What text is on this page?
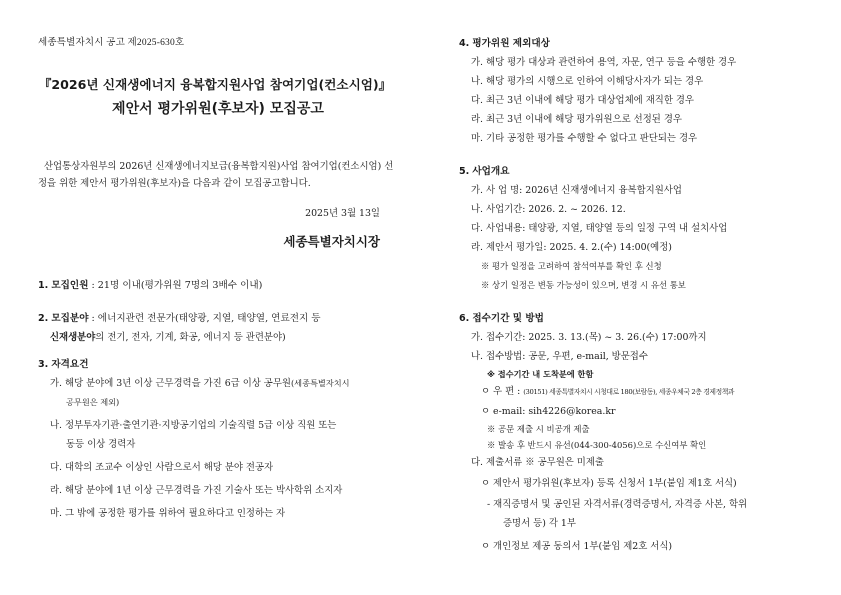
세종특별자치시 공고 제2025-630호
『2026년 신재생에너지 융복합지원사업 참여기업(컨소시엄)』
제안서 평가위원(후보자) 모집공고
산업통상자원부의 2026년 신재생에너지보급(융복합지원)사업 참여기업(컨소시엄) 선정을 위한 제안서 평가위원(후보자)을 다음과 같이 모집공고합니다.
2025년 3월 13일
세종특별자치시장
1. 모집인원 : 21명 이내(평가위원 7명의 3배수 이내)
2. 모집분야 : 에너지관련 전문가(태양광, 지열, 태양열, 연료전지 등
신재생분야의 전기, 전자, 기계, 화공, 에너지 등 관련분야)
3. 자격요건
가. 해당 분야에 3년 이상 근무경력을 가진 6급 이상 공무원(세종특별자치시
공무원은 제외)
나. 정부투자기관·출연기관·지방공기업의 기술직렬 5급 이상 직원 또는
동등 이상 경력자
다. 대학의 조교수 이상인 사람으로서 해당 분야 전공자
라. 해당 분야에 1년 이상 근무경력을 가진 기술사 또는 박사학위 소지자
마. 그 밖에 공정한 평가를 위하여 필요하다고 인정하는 자
4. 평가위원 제외대상
가. 해당 평가 대상과 관련하여 용역, 자문, 연구 등을 수행한 경우
나. 해당 평가의 시행으로 인하여 이해당사자가 되는 경우
다. 최근 3년 이내에 해당 평가 대상업체에 재직한 경우
라. 최근 3년 이내에 해당 평가위원으로 선정된 경우
마. 기타 공정한 평가를 수행할 수 없다고 판단되는 경우
5. 사업개요
가. 사 업 명: 2026년 신재생에너지 융복합지원사업
나. 사업기간: 2026. 2. ~ 2026. 12.
다. 사업내용: 태양광, 지열, 태양열 등의 일정 구역 내 설치사업
라. 제안서 평가일: 2025. 4. 2.(수) 14:00(예정)
※ 평가 일정을 고려하여 참석여부를 확인 후 신청
※ 상기 일정은 변동 가능성이 있으며, 변경 시 유선 통보
6. 접수기간 및 방법
가. 접수기간: 2025. 3. 13.(목) ~ 3. 26.(수) 17:00까지
나. 접수방법: 공문, 우편, e-mail, 방문접수
※ 접수기간 내 도착분에 한함
ㅇ 우 편 : (30151) 세종특별자치시 시청대로 180(보람동), 세종우체국 2층 경제정책과
ㅇ e-mail: sih4226@korea.kr
※ 공문 제출 시 비공개 제출
※ 발송 후 반드시 유선(044-300-4056)으로 수신여부 확인
다. 제출서류 ※ 공무원은 미제출
ㅇ 제안서 평가위원(후보자) 등록 신청서 1부(붙임 제1호 서식)
- 재직증명서 및 공인된 자격서류(경력증명서, 자격증 사본, 학위
증명서 등) 각 1부
ㅇ 개인정보 제공 동의서 1부(붙임 제2호 서식)
